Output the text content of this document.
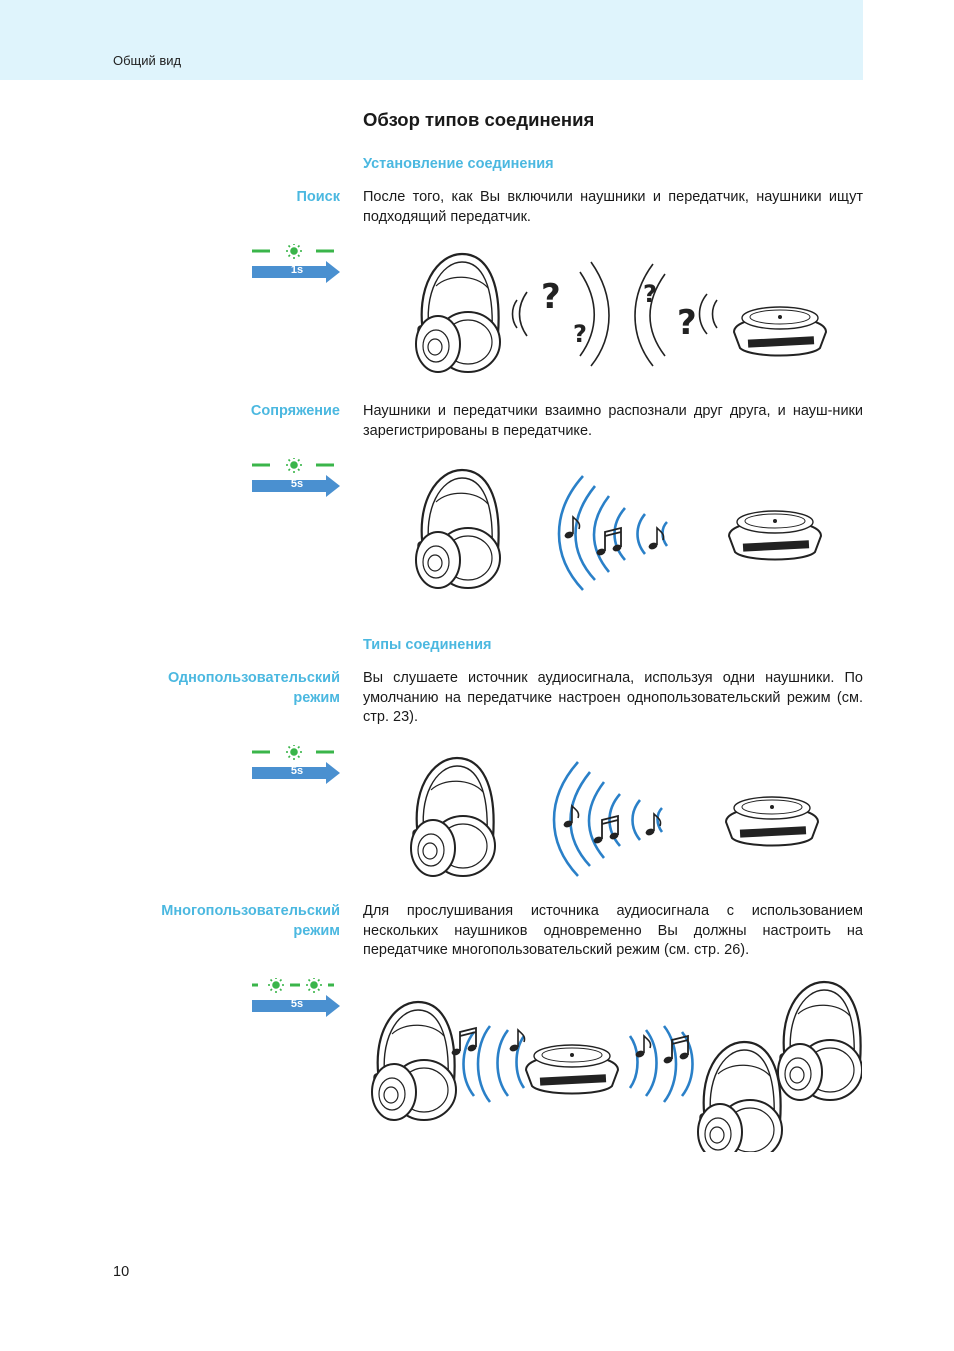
Общий вид
Обзор типов соединения
Установление соединения
Поиск После того, как Вы включили наушники и передатчик, наушники ищут подходящий передатчик.
1s
?
?
?
?
Сопряжение Наушники и передатчики взаимно распознали друг друга, и науш-ники зарегистрированы в передатчике.
5s
Типы соединения
Однопользовательский
режим
Вы слушаете источник аудиосигнала, используя одни наушники. По умолчанию на передатчике настроен однопользовательский режим (см. стр. 23).
5s
Многопользовательский
режим
Для прослушивания источника аудиосигнала с использованием нескольких наушников одновременно Вы должны настроить на передатчике многопользовательский режим (см. стр. 26).
5s
10
